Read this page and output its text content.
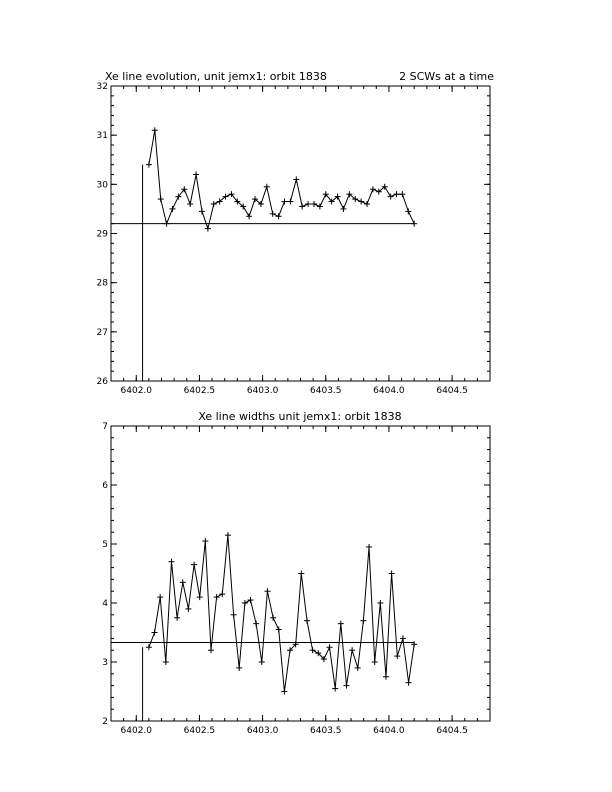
Xe line evolution, unit jemx1: orbit 1838	2 SCWs at a time
6402.0	6402.5	6403.0	6403.5	6404.0	6404.5
26
27
28
29
30
31
32
Xe line widths unit jemx1: orbit 1838
6402.0	6402.5	6403.0	6403.5	6404.0	6404.5
2
3
4
5
6
7
